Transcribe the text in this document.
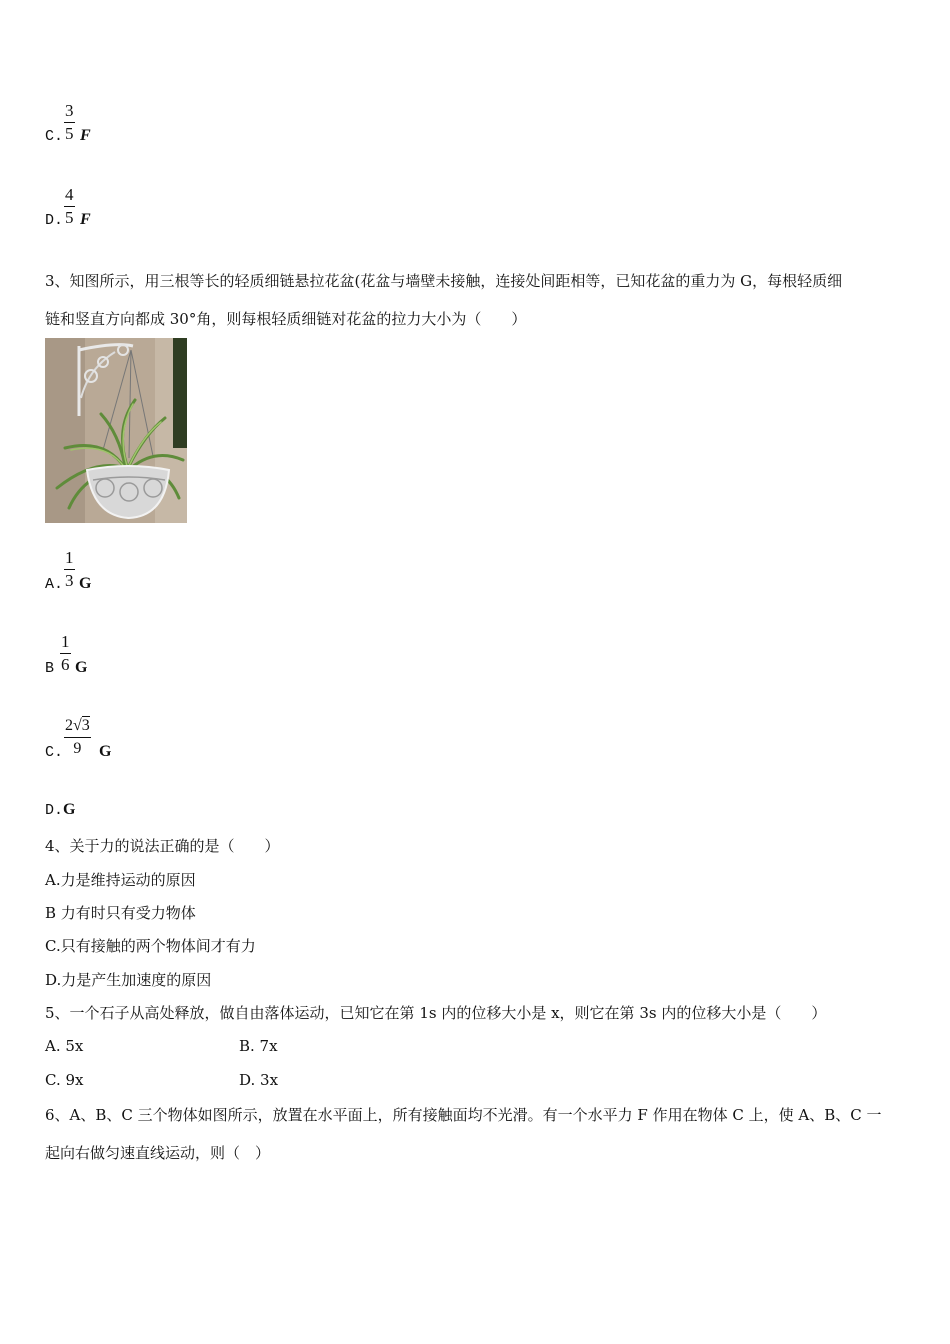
C.
3
5 F
D.
4
5 F
3、知图所示，用三根等长的轻质细链悬拉花盆(花盆与墙壁未接触，连接处间距相等，已知花盆的重力为 G，每根轻质细
链和竖直方向都成 30°角，则每根轻质细链对花盆的拉力大小为（　　）
A.
1
3 G
B
1
6 G
C.
2√3
9	G
D. G
4、关于力的说法正确的是（　　）
A.力是维持运动的原因
B 力有时只有受力物体
C.只有接触的两个物体间才有力
D.力是产生加速度的原因
5、一个石子从高处释放，做自由落体运动，已知它在第 1s 内的位移大小是 x，则它在第 3s 内的位移大小是（　　）
A. 5x	B. 7x
C. 9x	D. 3x
6、A、B、C 三个物体如图所示，放置在水平面上，所有接触面均不光滑。有一个水平力 F 作用在物体 C 上，使 A、B、C 一
起向右做匀速直线运动，则（　）
